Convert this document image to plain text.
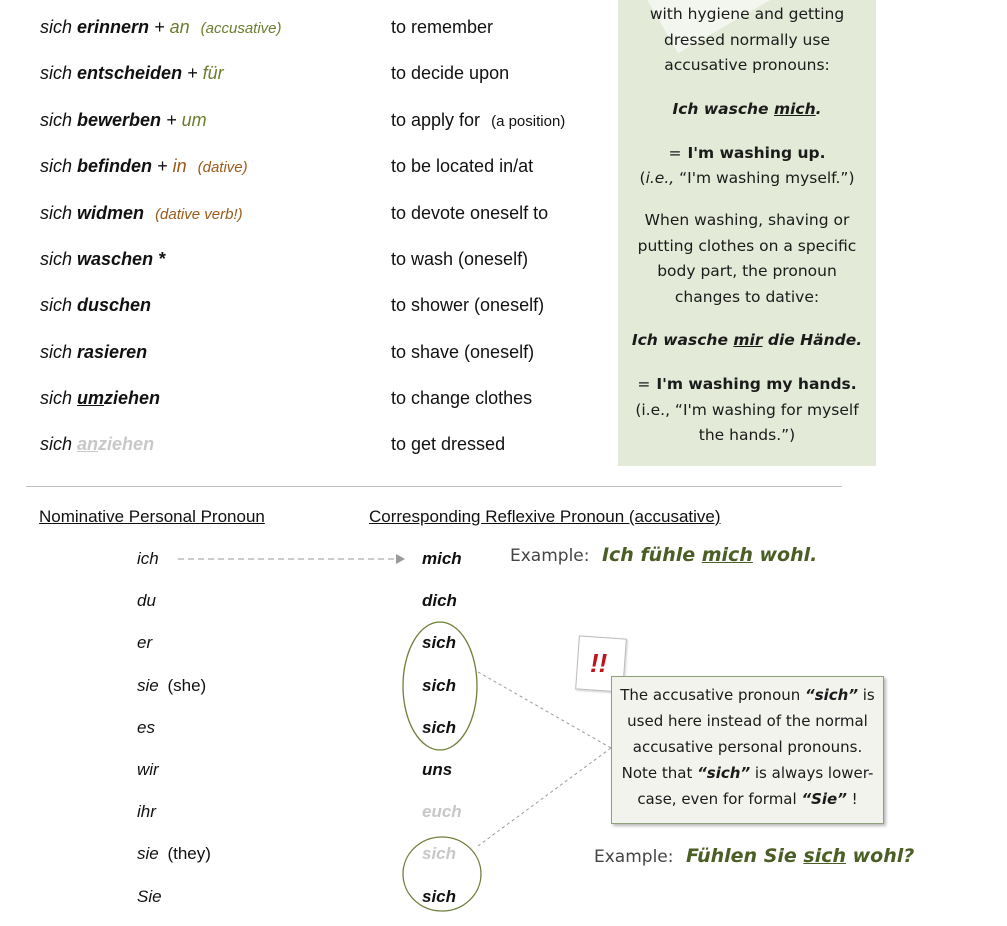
sich erinnern + an (accusative)
sich entscheiden + für
sich bewerben + um
sich befinden + in (dative)
sich widmen (dative verb!)
sich waschen *
sich duschen
sich rasieren
sich umziehen
sich anziehen
to remember
to decide upon
to apply for (a position)
to be located in/at
to devote oneself to
to wash (oneself)
to shower (oneself)
to shave (oneself)
to change clothes
to get dressed
with hygiene and getting
dressed normally use
accusative pronouns:
Ich wasche mich.
= I'm washing up.
(i.e., “I'm washing myself.”)
When washing, shaving or
putting clothes on a specific
body part, the pronoun
changes to dative:
Ich wasche mir die Hände.
= I'm washing my hands.
(i.e., “I'm washing for myself
the hands.”)
Nominative Personal Pronoun	Corresponding Reflexive Pronoun (accusative)
ich
du
er
sie (she)
es
wir
ihr
sie (they)
Sie
mich
dich
sich
sich
sich
uns
euch
sich
sich
Example: Ich fühle mich wohl.
Example: Fühlen Sie sich wohl?
!!
The accusative pronoun “sich” is
used here instead of the normal
accusative personal pronouns.
Note that “sich” is always lower-
case, even for formal “Sie” !
